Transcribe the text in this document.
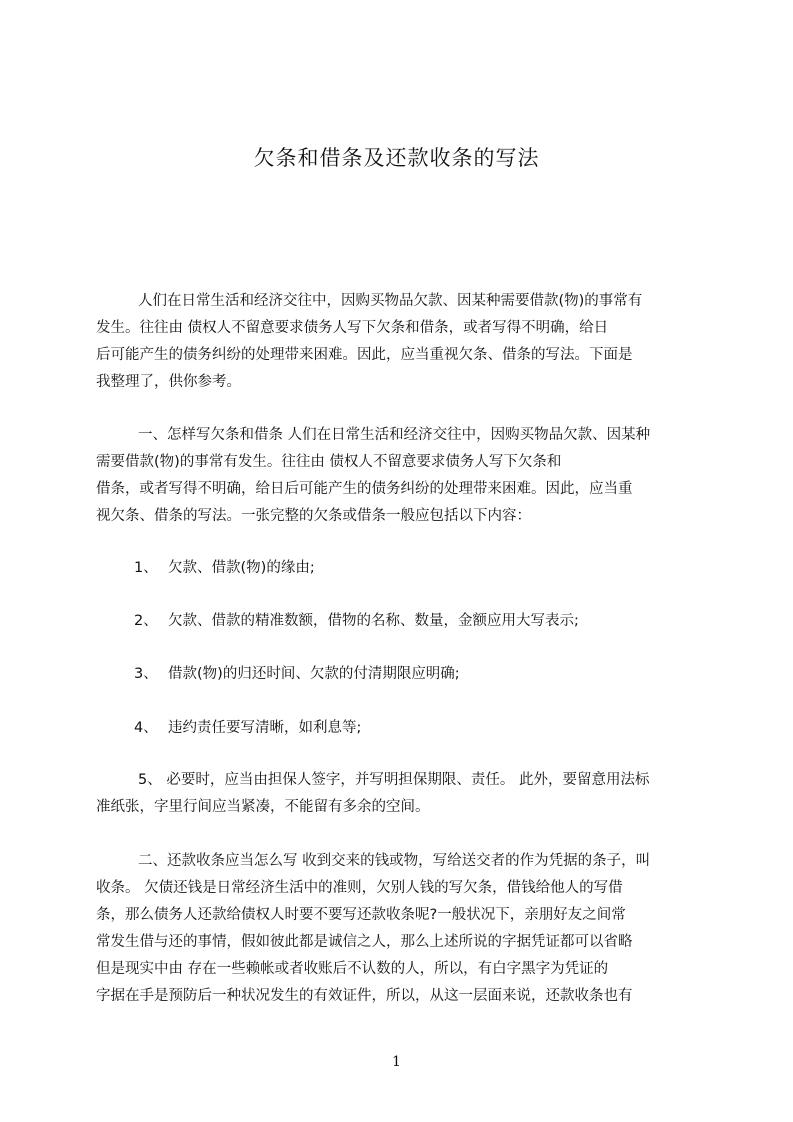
欠条和借条及还款收条的写法
人们在日常生活和经济交往中，因购买物品欠款、因某种需要借款(物)的事常有
发生。往往由 债权人不留意要求债务人写下欠条和借条，或者写得不明确，给日
后可能产生的债务纠纷的处理带来困难。因此，应当重视欠条、借条的写法。下面是
我整理了，供你参考。
一、怎样写欠条和借条 人们在日常生活和经济交往中，因购买物品欠款、因某种
需要借款(物)的事常有发生。往往由 债权人不留意要求债务人写下欠条和
借条，或者写得不明确，给日后可能产生的债务纠纷的处理带来困难。因此，应当重
视欠条、借条的写法。一张完整的欠条或借条一般应包括以下内容：
1、 欠款、借款(物)的缘由;
2、 欠款、借款的精准数额，借物的名称、数量，金额应用大写表示;
3、 借款(物)的归还时间、欠款的付清期限应明确;
4、 违约责任要写清晰，如利息等;
5、 必要时，应当由担保人签字，并写明担保期限、责任。 此外，要留意用法标
准纸张，字里行间应当紧凑，不能留有多余的空间。
二、还款收条应当怎么写 收到交来的钱或物，写给送交者的作为凭据的条子，叫
收条。 欠债还钱是日常经济生活中的准则，欠别人钱的写欠条，借钱给他人的写借
条，那么债务人还款给债权人时要不要写还款收条呢?一般状况下，亲朋好友之间常
常发生借与还的事情，假如彼此都是诚信之人，那么上述所说的字据凭证都可以省略
但是现实中由 存在一些赖帐或者收账后不认数的人，所以，有白字黑字为凭证的
字据在手是预防后一种状况发生的有效证件，所以，从这一层面来说，还款收条也有
1
